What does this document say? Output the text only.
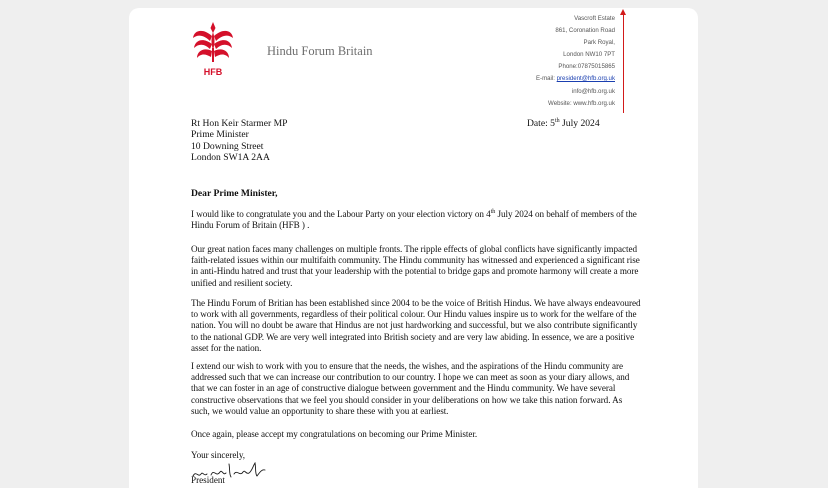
HFB
Hindu Forum Britain
Vascroft Estate
861, Coronation Road
Park Royal,
London NW10 7PT
Phone:07875015865
E-mail: president@hfb.org.uk
info@hfb.org.uk
Website: www.hfb.org.uk
Rt Hon Keir Starmer MP
Prime Minister
10 Downing Street
London SW1A 2AA
Date: 5th July 2024
Dear Prime Minister,
I would like to congratulate you and the Labour Party on your election victory on 4th July 2024 on behalf of members of the Hindu Forum of Britain (HFB ) .
Our great nation faces many challenges on multiple fronts. The ripple effects of global conflicts have significantly impacted faith-related issues within our multifaith community. The Hindu community has witnessed and experienced a significant rise in anti-Hindu hatred and trust that your leadership with the potential to bridge gaps and promote harmony will create a more unified and resilient society.
The Hindu Forum of Britian has been established since 2004 to be the voice of British Hindus. We have always endeavoured to work with all governments, regardless of their political colour. Our Hindu values inspire us to work for the welfare of the nation. You will no doubt be aware that Hindus are not just hardworking and successful, but we also contribute significantly to the national GDP. We are very well integrated into British society and are very law abiding. In essence, we are a positive asset for the nation.
I extend our wish to work with you to ensure that the needs, the wishes, and the aspirations of the Hindu community are addressed such that we can increase our contribution to our country. I hope we can meet as soon as your diary allows, and that we can foster in an age of constructive dialogue between government and the Hindu community. We have several constructive observations that we feel you should consider in your deliberations on how we take this nation forward. As such, we would value an opportunity to share these with you at earliest.
Once again, please accept my congratulations on becoming our Prime Minister.
Your sincerely,
President
